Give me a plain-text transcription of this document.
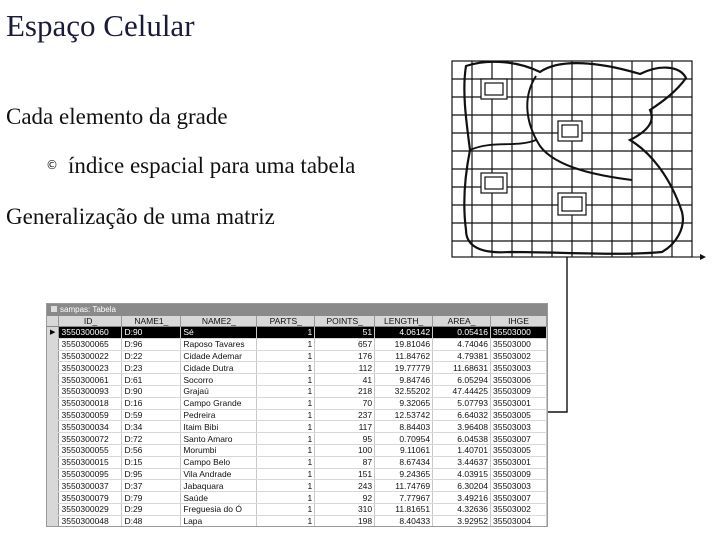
Espaço Celular
Cada elemento da grade
© índice espacial para uma tabela
Generalização de uma matriz
sampas: Tabela
	ID_	NAME1_	NAME2_	PARTS_	POINTS_	LENGTH_	AREA_	IHGE
▶	3550300060	D:90	Sé	1	51	4.06142	0.05416	35503000
	3550300065	D:96	Raposo Tavares	1	657	19.81046	4.74046	35503000
	3550300022	D:22	Cidade Ademar	1	176	11.84762	4.79381	35503002
	3550300023	D:23	Cidade Dutra	1	112	19.77779	11.68631	35503003
	3550300061	D:61	Socorro	1	41	9.84746	6.05294	35503006
	3550300093	D:90	Grajaú	1	218	32.55202	47.44425	35503009
	3550300018	D:16	Campo Grande	1	70	9.32065	5.07793	35503001
	3550300059	D:59	Pedreira	1	237	12.53742	6.64032	35503005
	3550300034	D:34	Itaim Bibi	1	117	8.84403	3.96408	35503003
	3550300072	D:72	Santo Amaro	1	95	0.70954	6.04538	35503007
	3550300055	D:56	Morumbi	1	100	9.11061	1.40701	35503005
	3550300015	D:15	Campo Belo	1	87	8.67434	3.44637	35503001
	3550300095	D:95	Vila Andrade	1	151	9.24365	4.03915	35503009
	3550300037	D:37	Jabaquara	1	243	11.74769	6.30204	35503003
	3550300079	D:79	Saúde	1	92	7.77967	3.49216	35503007
	3550300029	D:29	Freguesia do Ó	1	310	11.81651	4.32636	35503002
	3550300048	D:48	Lapa	1	198	8.40433	3.92952	35503004
